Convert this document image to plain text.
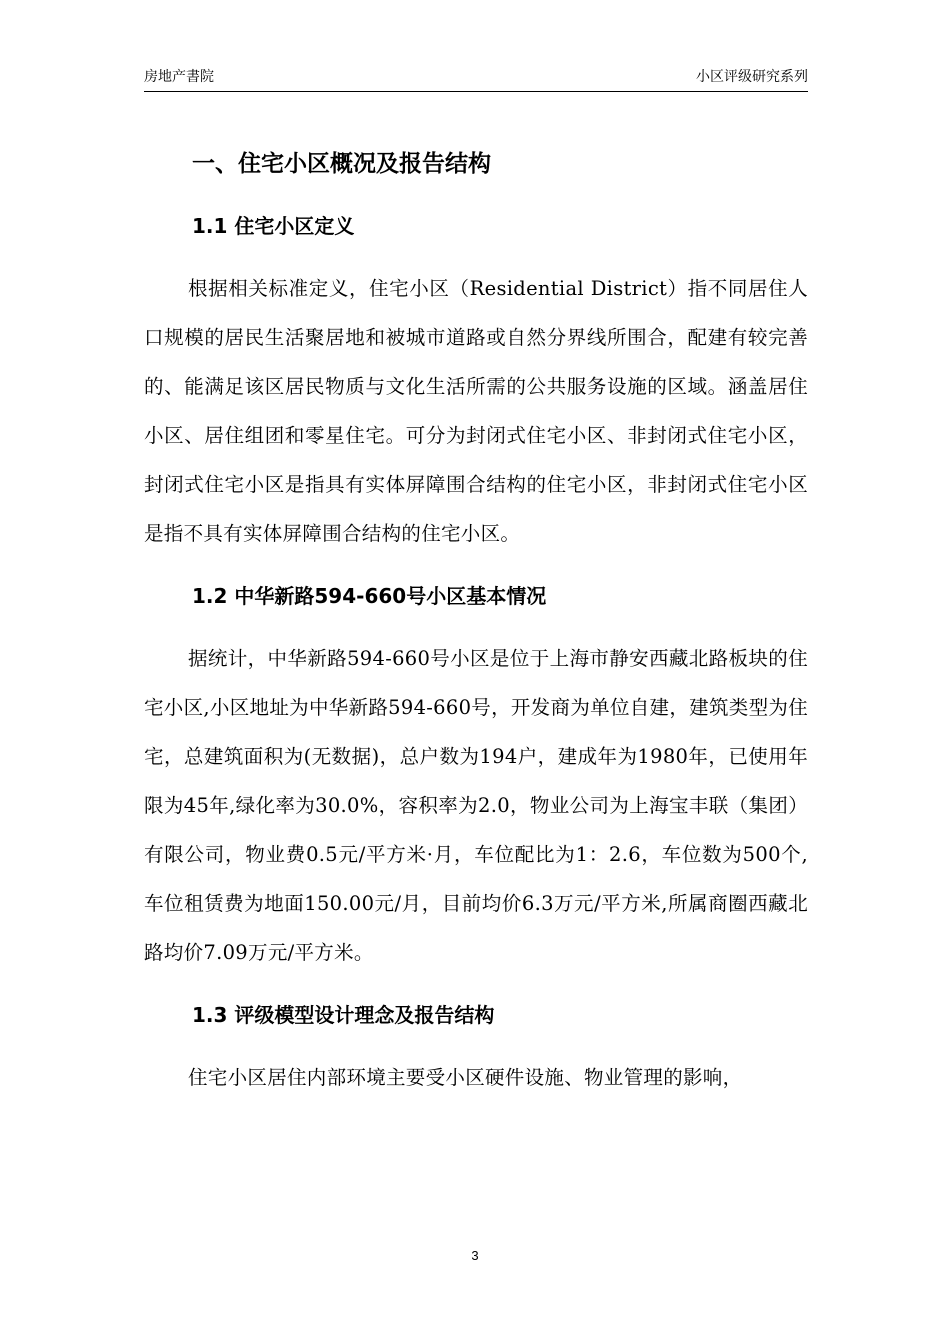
房地产書院	小区评级研究系列
一、住宅小区概况及报告结构
1.1 住宅小区定义

根据相关标准定义，住宅小区（Residential District）指不同居住人口规模的居民生活聚居地和被城市道路或自然分界线所围合，配建有较完善的、能满足该区居民物质与文化生活所需的公共服务设施的区域。涵盖居住小区、居住组团和零星住宅。可分为封闭式住宅小区、非封闭式住宅小区，封闭式住宅小区是指具有实体屏障围合结构的住宅小区，非封闭式住宅小区是指不具有实体屏障围合结构的住宅小区。

1.2 中华新路594-660号小区基本情况

据统计，中华新路594-660号小区是位于上海市静安西藏北路板块的住宅小区,小区地址为中华新路594-660号，开发商为单位自建，建筑类型为住宅，总建筑面积为(无数据)，总户数为194户，建成年为1980年，已使用年限为45年,绿化率为30.0%，容积率为2.0，物业公司为上海宝丰联（集团）有限公司，物业费0.5元/平方米·月，车位配比为1：2.6，车位数为500个,车位租赁费为地面150.00元/月，目前均价6.3万元/平方米,所属商圈西藏北路均价7.09万元/平方米。

1.3 评级模型设计理念及报告结构

住宅小区居住内部环境主要受小区硬件设施、物业管理的影响，

3
